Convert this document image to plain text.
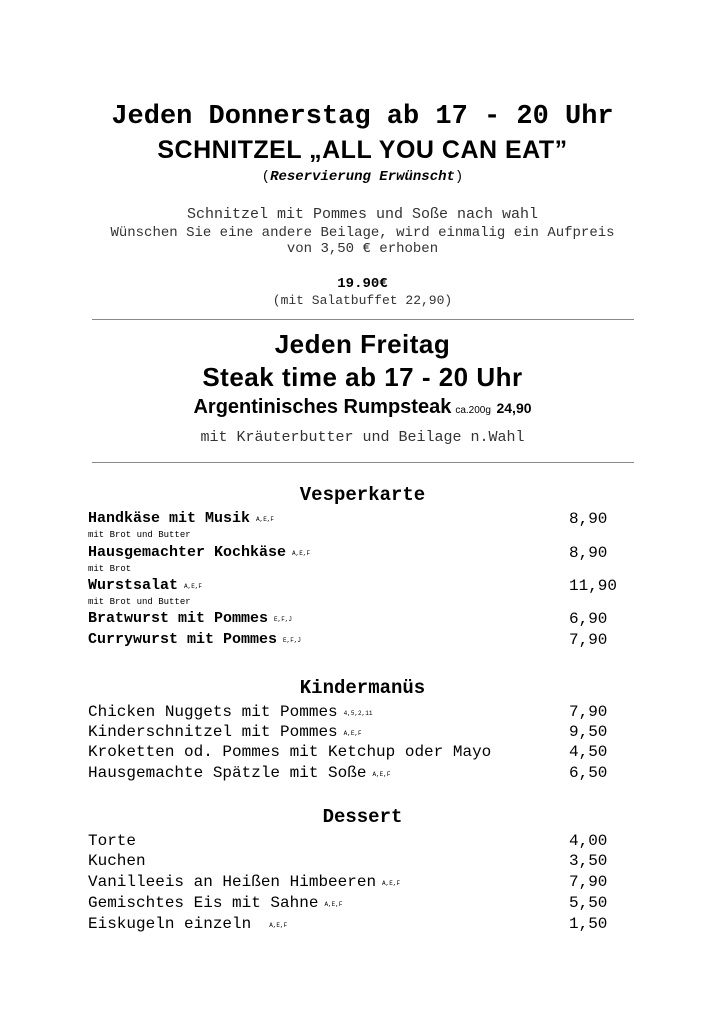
Jeden Donnerstag ab 17 - 20 Uhr
SCHNITZEL „ALL YOU CAN EAT”
(Reservierung Erwünscht)
Schnitzel mit Pommes und Soße nach wahl
Wünschen Sie eine andere Beilage, wird einmalig ein Aufpreis
von 3,50 € erhoben
19.90€
(mit Salatbuffet 22,90)
Jeden Freitag
Steak time ab 17 - 20 Uhr
Argentinisches Rumpsteak ca.200g 24,90
mit Kräuterbutter und Beilage n.Wahl
Vesperkarte
Handkäse mit Musik A,E,F	8,90
mit Brot und Butter
Hausgemachter Kochkäse A,E,F	8,90
mit Brot
Wurstsalat A,E,F	11,90
mit Brot und Butter
Bratwurst mit Pommes E,F,J	6,90
Currywurst mit Pommes E,F,J	7,90
Kindermanüs
Chicken Nuggets mit Pommes 4,5,2,11	7,90
Kinderschnitzel mit Pommes A,E,F	9,50
Kroketten od. Pommes mit Ketchup oder Mayo	4,50
Hausgemachte Spätzle mit Soße A,E,F	6,50
Dessert
Torte	4,00
Kuchen	3,50
Vanilleeis an Heißen Himbeeren A,E,F	7,90
Gemischtes Eis mit Sahne A,E,F	5,50
Eiskugeln einzeln	A,E,F	1,50
